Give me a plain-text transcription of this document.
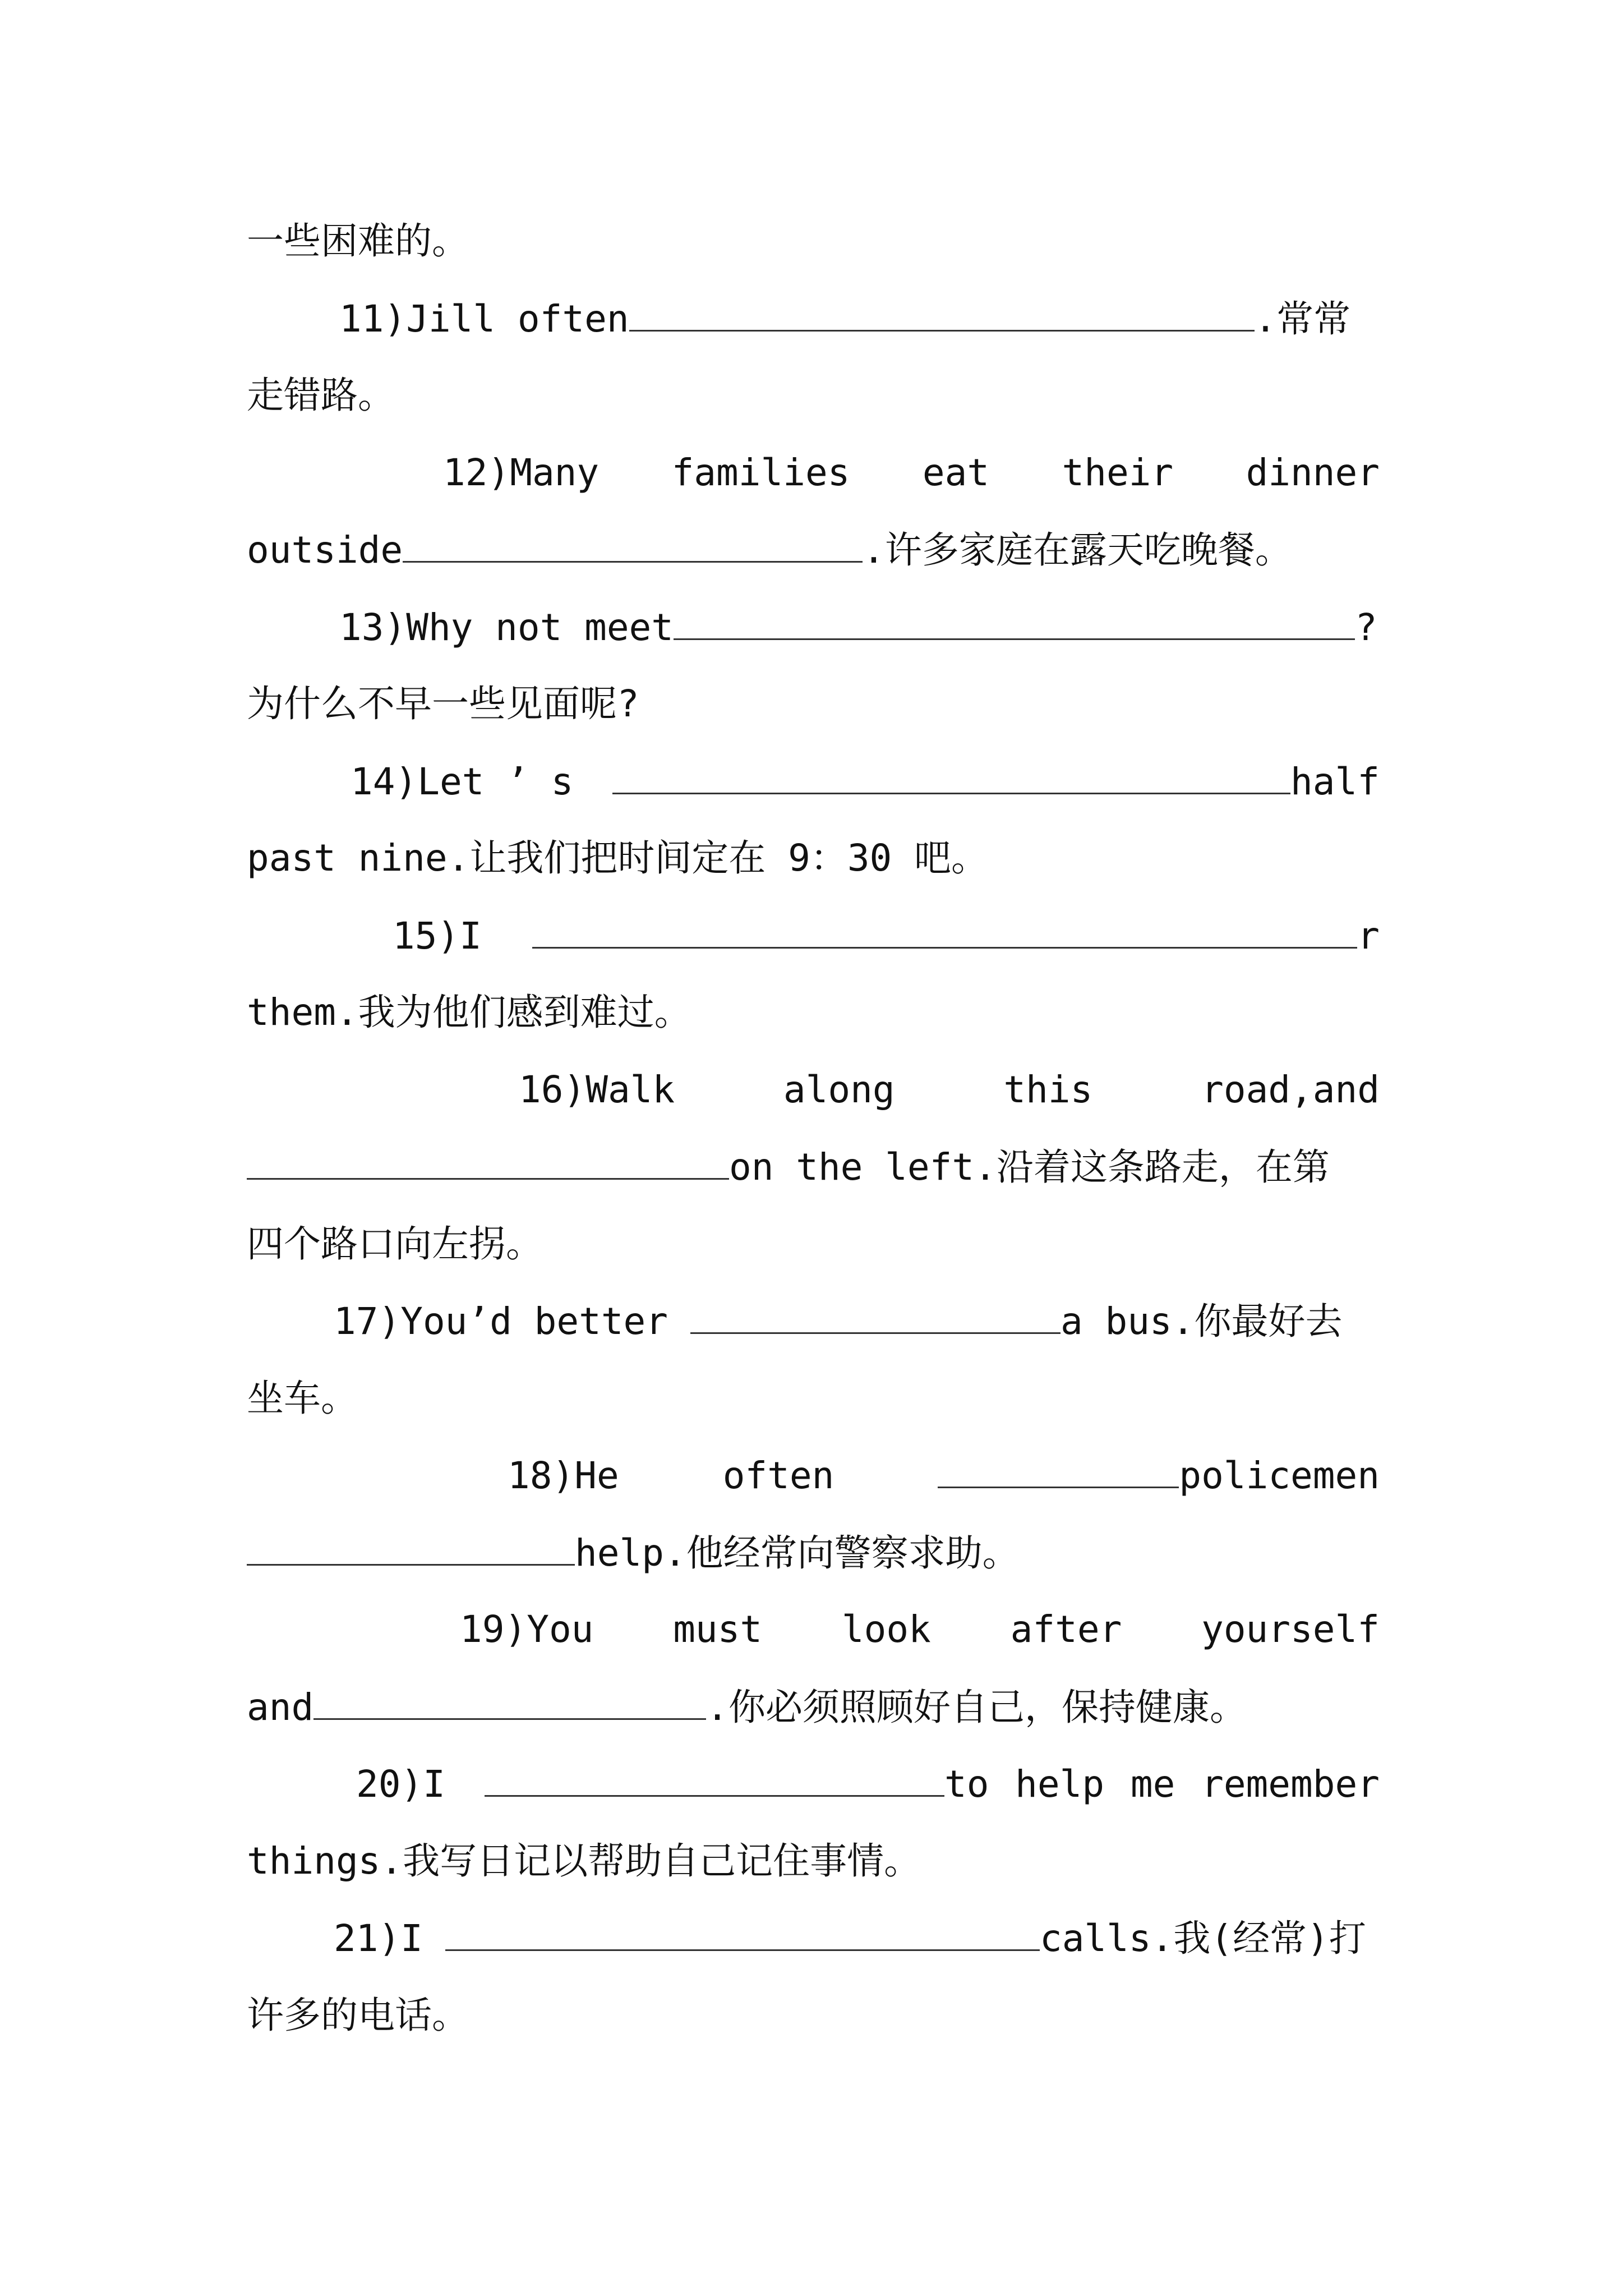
一些困难的。
11)Jill often	.常常
走错路。
12)Many families eat their dinner
outside	.许多家庭在露天吃晚餐。
13)Why not meet	?
为什么不早一些见面呢?
14)Let ’ s	half
past nine.让我们把时间定在 9：30 吧。
15)I	r
them.我为他们感到难过。
16)Walk	along	this	road,and
on the left.沿着这条路走，在第
四个路口向左拐。
17)You’d better	a bus.你最好去
坐车。
18)He	often	policemen
help.他经常向警察求助。
19)You must look after yourself
and	.你必须照顾好自己，保持健康。
20)I	to help me remember
things.我写日记以帮助自己记住事情。
21)I	calls.我(经常)打
许多的电话。
